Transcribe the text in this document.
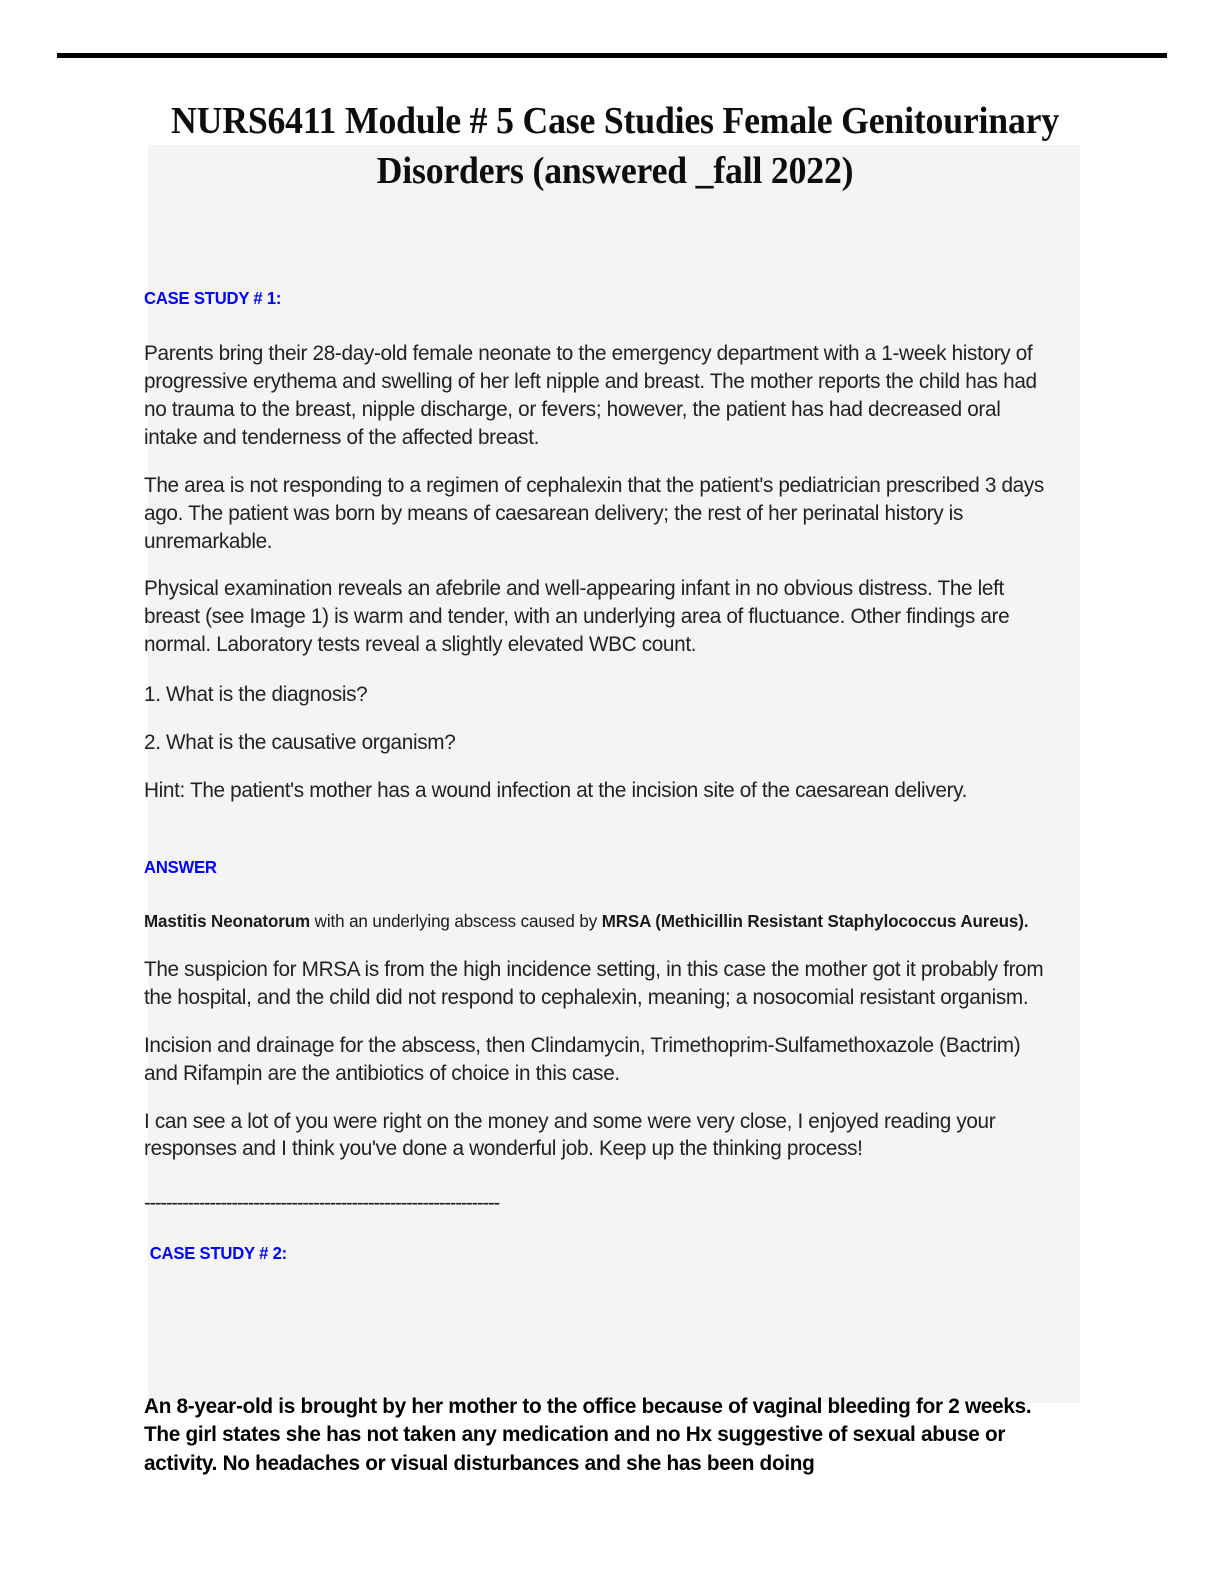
NURS6411 Module # 5 Case Studies Female Genitourinary Disorders (answered _fall 2022)

CASE STUDY # 1:

Parents bring their 28-day-old female neonate to the emergency department with a 1-week history of progressive erythema and swelling of her left nipple and breast. The mother reports the child has had no trauma to the breast, nipple discharge, or fevers; however, the patient has had decreased oral intake and tenderness of the affected breast.

The area is not responding to a regimen of cephalexin that the patient's pediatrician prescribed 3 days ago. The patient was born by means of caesarean delivery; the rest of her perinatal history is unremarkable.

Physical examination reveals an afebrile and well-appearing infant in no obvious distress. The left breast (see Image 1) is warm and tender, with an underlying area of fluctuance. Other findings are normal. Laboratory tests reveal a slightly elevated WBC count.

1. What is the diagnosis?

2. What is the causative organism?

Hint: The patient's mother has a wound infection at the incision site of the caesarean delivery.

ANSWER

Mastitis Neonatorum with an underlying abscess caused by MRSA (Methicillin Resistant Staphylococcus Aureus).

The suspicion for MRSA is from the high incidence setting, in this case the mother got it probably from the hospital, and the child did not respond to cephalexin, meaning; a nosocomial resistant organism.

Incision and drainage for the abscess, then Clindamycin, Trimethoprim-Sulfamethoxazole (Bactrim) and Rifampin are the antibiotics of choice in this case.

I can see a lot of you were right on the money and some were very close, I enjoyed reading your responses and I think you've done a wonderful job. Keep up the thinking process!

-----------------------------------------------------------------

CASE STUDY # 2:

An 8-year-old is brought by her mother to the office because of vaginal bleeding for 2 weeks. The girl states she has not taken any medication and no Hx suggestive of sexual abuse or activity. No headaches or visual disturbances and she has been doing
